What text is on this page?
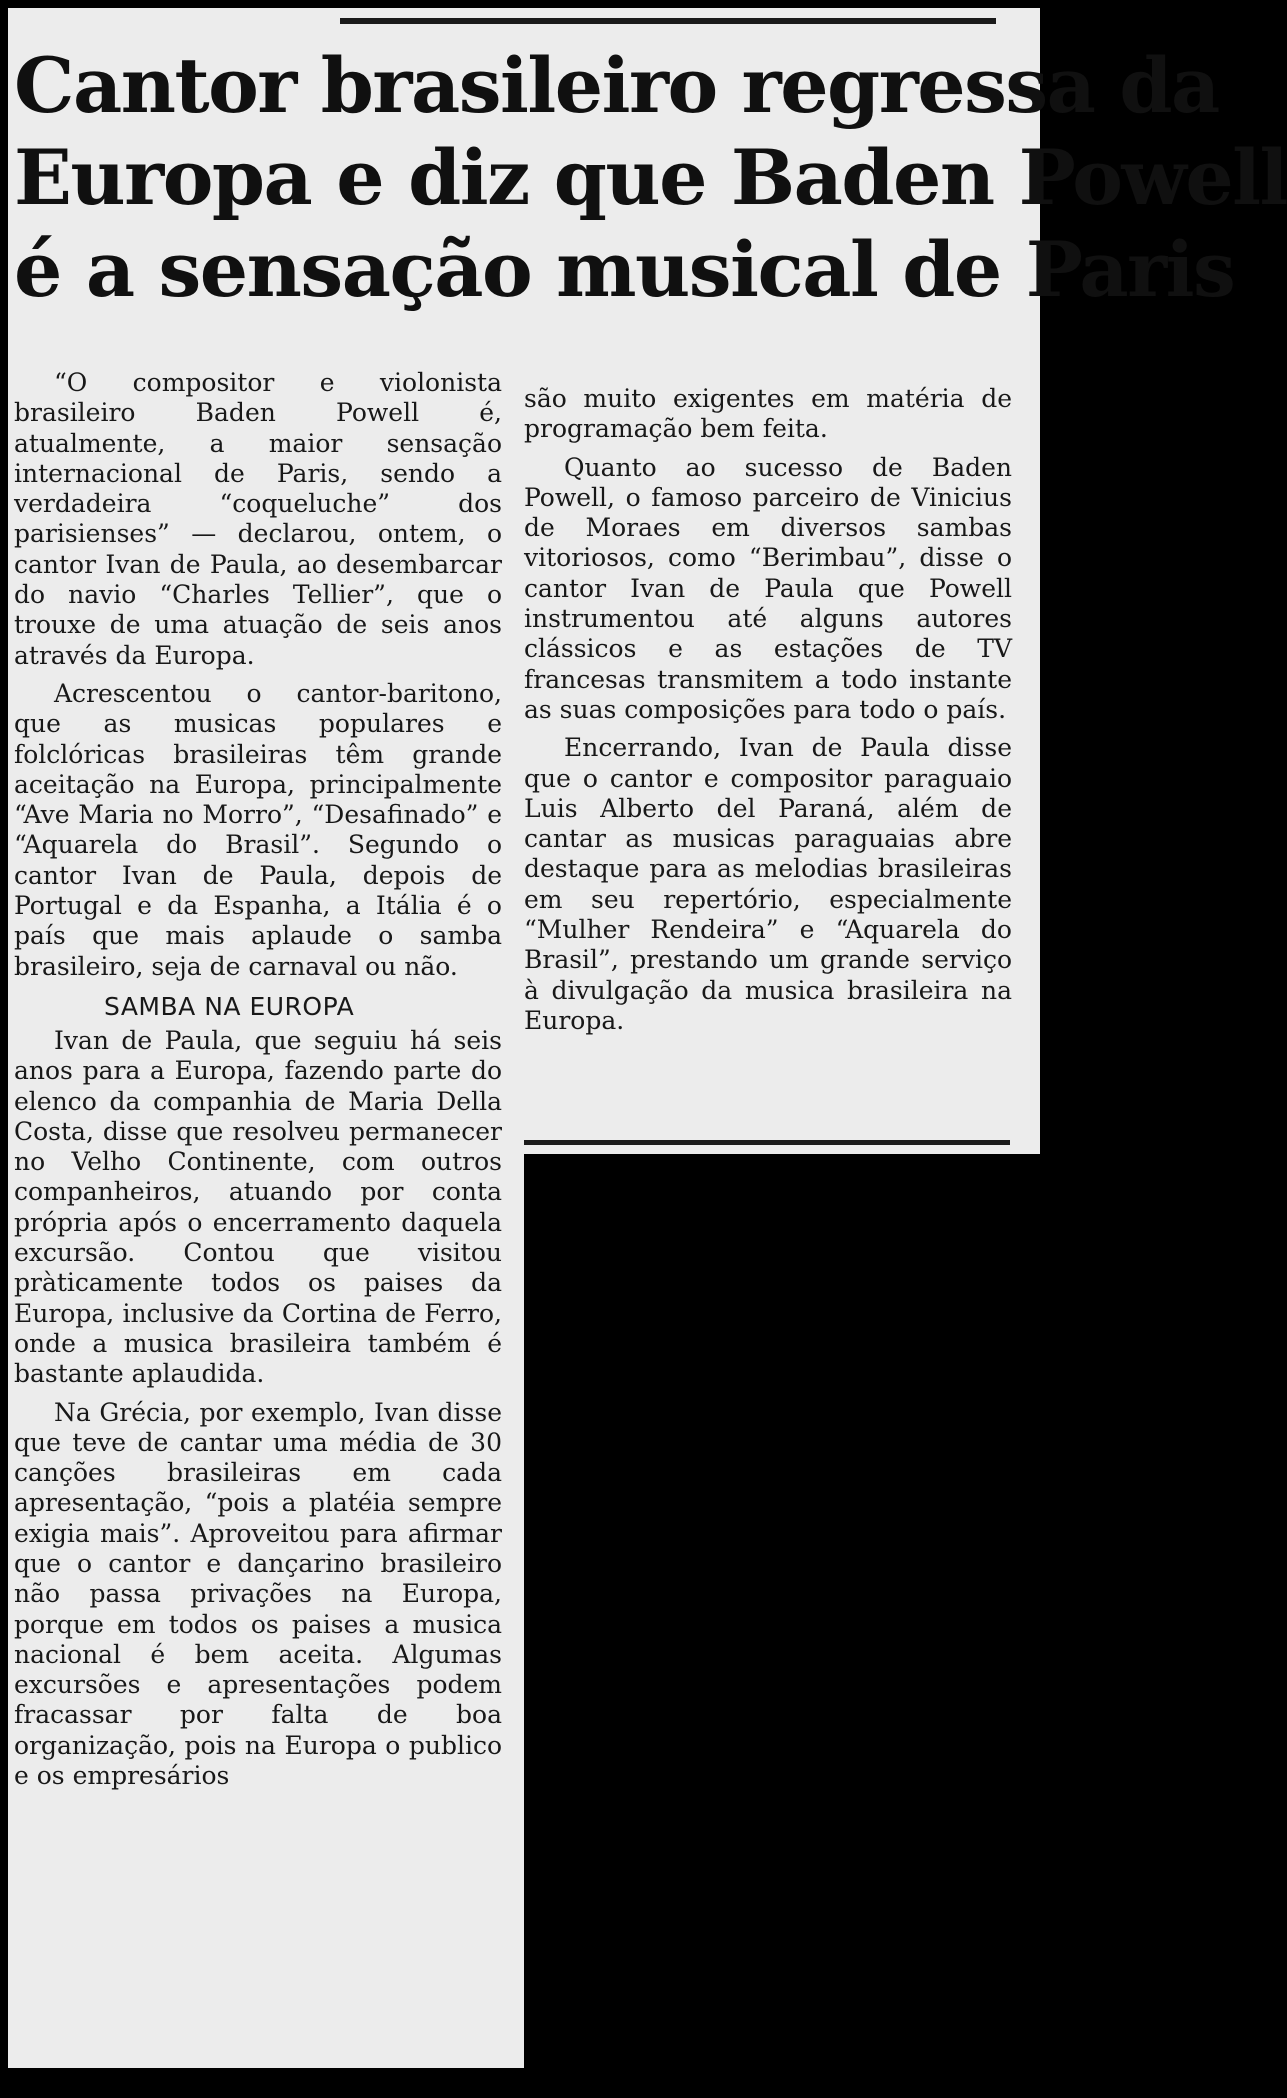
Cantor brasileiro regressa da
Europa e diz que Baden Powell
é a sensação musical de Paris

“O compositor e violonista brasileiro Baden Powell é, atualmente, a maior sensação internacional de Paris, sendo a verdadeira “coqueluche” dos parisienses” — declarou, ontem, o cantor Ivan de Paula, ao desembarcar do navio “Charles Tellier”, que o trouxe de uma atuação de seis anos através da Europa.

Acrescentou o cantor-baritono, que as musicas populares e folclóricas brasileiras têm grande aceitação na Europa, principalmente “Ave Maria no Morro”, “Desafinado” e “Aquarela do Brasil”. Segundo o cantor Ivan de Paula, depois de Portugal e da Espanha, a Itália é o país que mais aplaude o samba brasileiro, seja de carnaval ou não.

SAMBA NA EUROPA

Ivan de Paula, que seguiu há seis anos para a Europa, fazendo parte do elenco da companhia de Maria Della Costa, disse que resolveu permanecer no Velho Continente, com outros companheiros, atuando por conta própria após o encerramento daquela excursão. Contou que visitou pràticamente todos os paises da Europa, inclusive da Cortina de Ferro, onde a musica brasileira também é bastante aplaudida.

Na Grécia, por exemplo, Ivan disse que teve de cantar uma média de 30 canções brasileiras em cada apresentação, “pois a platéia sempre exigia mais”. Aproveitou para afirmar que o cantor e dançarino brasileiro não passa privações na Europa, porque em todos os paises a musica nacional é bem aceita. Algumas excursões e apresentações podem fracassar por falta de boa organização, pois na Europa o publico e os empresários

são muito exigentes em matéria de programação bem feita.

Quanto ao sucesso de Baden Powell, o famoso parceiro de Vinicius de Moraes em diversos sambas vitoriosos, como “Berimbau”, disse o cantor Ivan de Paula que Powell instrumentou até alguns autores clássicos e as estações de TV francesas transmitem a todo instante as suas composições para todo o país.

Encerrando, Ivan de Paula disse que o cantor e compositor paraguaio Luis Alberto del Paraná, além de cantar as musicas paraguaias abre destaque para as melodias brasileiras em seu repertório, especialmente “Mulher Rendeira” e “Aquarela do Brasil”, prestando um grande serviço à divulgação da musica brasileira na Europa.
